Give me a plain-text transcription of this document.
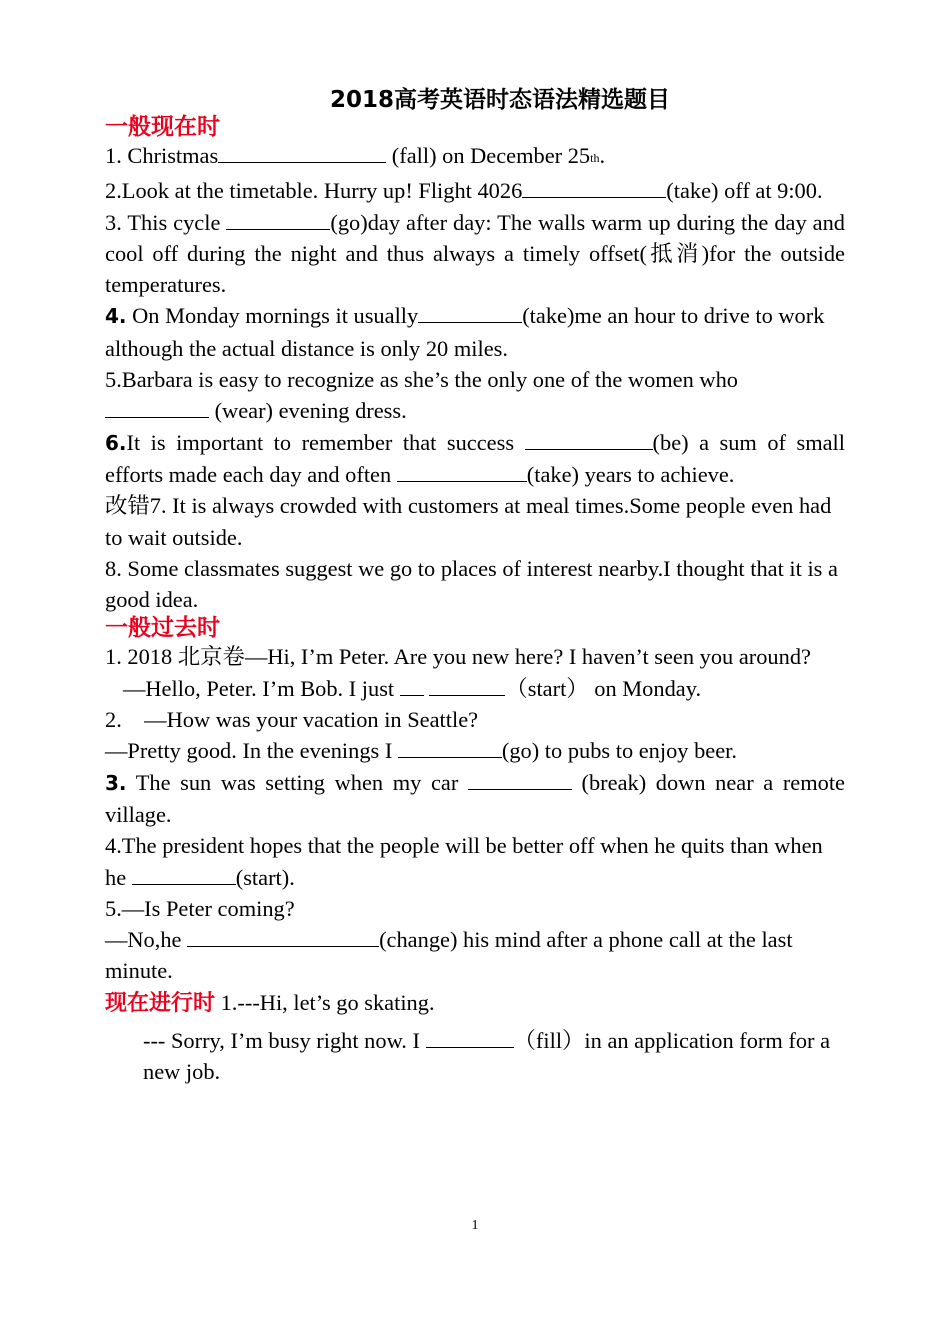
2018高考英语时态语法精选题目
一般现在时

1. Christmas	(fall) on December 25th.

2.Look at the timetable. Hurry up! Flight 4026	(take) off at 9:00.

3. This cycle	(go)day after day: The walls warm up during the day and cool off during the night and thus always a timely offset(抵消)for the outside temperatures.

4. On Monday mornings it usually	(take)me an hour to drive to work although the actual distance is only 20 miles.

5.Barbara is easy to recognize as she’s the only one of the women who  (wear) evening dress.

6.It is important to remember that success	(be) a sum of small efforts made each day and often	(take) years to achieve.

改错7. It is always crowded with customers at meal times.Some people even had to wait outside.

8. Some classmates suggest we go to places of interest nearby.I thought that it is a good idea.

一般过去时

1. 2018 北京卷—Hi, I’m Peter. Are you new here? I haven’t seen you around?

—Hello, Peter. I’m Bob. I just	（start） on Monday.

2.　—How was your vacation in Seattle?

—Pretty good. In the evenings I	(go) to pubs to enjoy beer.

3. The sun was setting when my car	(break) down near a remote village.

4.The president hopes that the people will be better off when he quits than when he	(start).

5.—Is Peter coming?

—No,he	(change) his mind after a phone call at the last minute.

现在进行时 1.---Hi, let’s go skating.

--- Sorry, I’m busy right now. I	（fill）in an application form for a new job.

1
